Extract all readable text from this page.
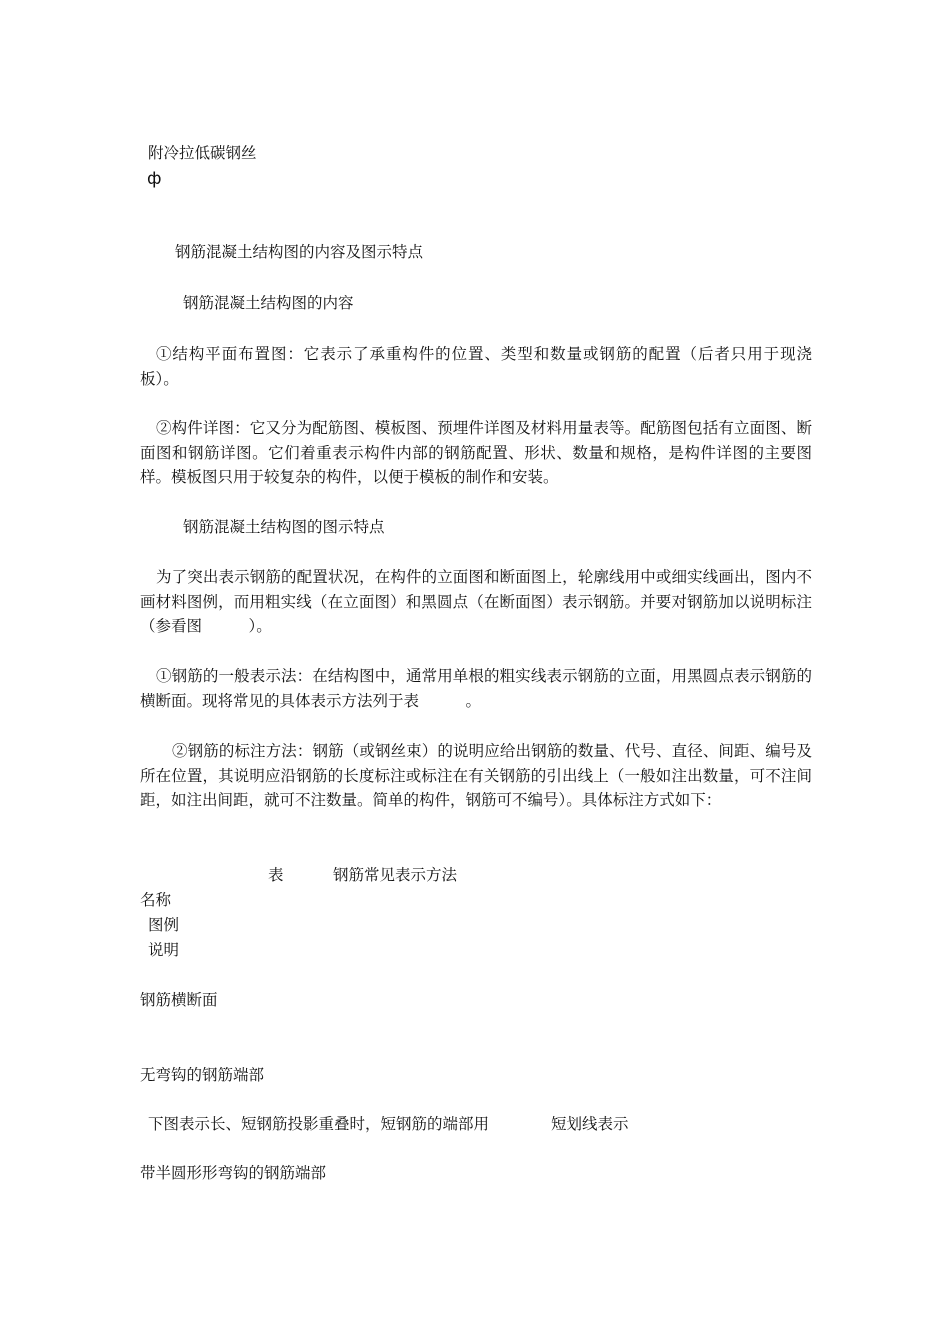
附冷拉低碳钢丝
ф
钢筋混凝土结构图的内容及图示特点
钢筋混凝土结构图的内容
①结构平面布置图：它表示了承重构件的位置、类型和数量或钢筋的配置（后者只用于现浇板）。
②构件详图：它又分为配筋图、模板图、预埋件详图及材料用量表等。配筋图包括有立面图、断面图和钢筋详图。它们着重表示构件内部的钢筋配置、形状、数量和规格，是构件详图的主要图样。模板图只用于较复杂的构件，以便于模板的制作和安装。
钢筋混凝土结构图的图示特点
为了突出表示钢筋的配置状况，在构件的立面图和断面图上，轮廓线用中或细实线画出，图内不画材料图例，而用粗实线（在立面图）和黑圆点（在断面图）表示钢筋。并要对钢筋加以说明标注（参看图　　　）。
①钢筋的一般表示法：在结构图中，通常用单根的粗实线表示钢筋的立面，用黑圆点表示钢筋的横断面。现将常见的具体表示方法列于表　　　。
②钢筋的标注方法：钢筋（或钢丝束）的说明应给出钢筋的数量、代号、直径、间距、编号及所在位置，其说明应沿钢筋的长度标注或标注在有关钢筋的引出线上（一般如注出数量，可不注间距，如注出间距，就可不注数量。简单的构件，钢筋可不编号）。具体标注方式如下：
表	钢筋常见表示方法
名称
图例
说明
钢筋横断面
无弯钩的钢筋端部
下图表示长、短钢筋投影重叠时，短钢筋的端部用	短划线表示
带半圆形形弯钩的钢筋端部
